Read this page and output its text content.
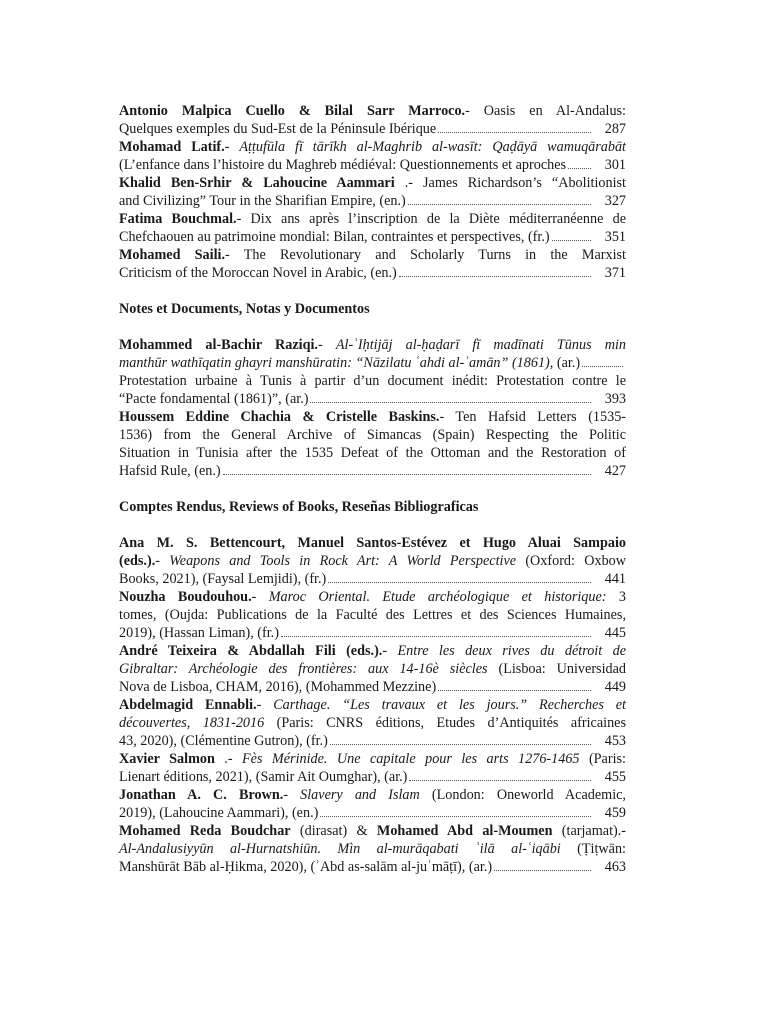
Antonio Malpica Cuello & Bilal Sarr Marroco.- Oasis en Al-Andalus:
Quelques exemples du Sud-Est de la Péninsule Ibérique	287
Mohamad Latif.- Aṭṭufūla fī tārīkh al-Maghrib al-wasīt: Qaḍāyā wamuqārabāt
(L’enfance dans l’histoire du Maghreb médiéval: Questionnements et aproches	301
Khalid Ben-Srhir & Lahoucine Aammari .- James Richardson’s “Abolitionist
and Civilizing” Tour in the Sharifian Empire, (en.)	327
Fatima Bouchmal.- Dix ans après l’inscription de la Diète méditerranéenne de
Chefchaouen au patrimoine mondial: Bilan, contraintes et perspectives, (fr.)	351
Mohamed Saili.- The Revolutionary and Scholarly Turns in the Marxist
Criticism of the Moroccan Novel in Arabic, (en.)	371
Notes et Documents, Notas y Documentos
Mohammed al-Bachir Raziqi.- Al-ʾIḥtijāj al-ḥaḍarī fī madīnati Tūnus min
manthūr wathīqatin ghayri manshūratin: “Nāzilatu ʿahdi al-ʾamān” (1861), (ar.)
Protestation urbaine à Tunis à partir d’un document inédit: Protestation contre le
“Pacte fondamental (1861)”, (ar.)	393
Houssem Eddine Chachia & Cristelle Baskins.- Ten Hafsid Letters (1535-
1536) from the General Archive of Simancas (Spain) Respecting the Politic
Situation in Tunisia after the 1535 Defeat of the Ottoman and the Restoration of
Hafsid Rule, (en.)	427
Comptes Rendus, Reviews of Books, Reseñas Bibliograficas
Ana M. S. Bettencourt, Manuel Santos-Estévez et Hugo Aluai Sampaio
(eds.).- Weapons and Tools in Rock Art: A World Perspective (Oxford: Oxbow
Books, 2021), (Faysal Lemjidi), (fr.)	441
Nouzha Boudouhou.- Maroc Oriental. Etude archéologique et historique: 3
tomes, (Oujda: Publications de la Faculté des Lettres et des Sciences Humaines,
2019), (Hassan Liman), (fr.)	445
André Teixeira & Abdallah Fili (eds.).- Entre les deux rives du détroit de
Gibraltar: Archéologie des frontières: aux 14-16è siècles (Lisboa: Universidad
Nova de Lisboa, CHAM, 2016), (Mohammed Mezzine)	449
Abdelmagid Ennabli.- Carthage. “Les travaux et les jours.” Recherches et
découvertes, 1831-2016 (Paris: CNRS éditions, Etudes d’Antiquités africaines
43, 2020), (Clémentine Gutron), (fr.)	453
Xavier Salmon .- Fès Mérinide. Une capitale pour les arts 1276-1465 (Paris:
Lienart éditions, 2021), (Samir Ait Oumghar), (ar.)	455
Jonathan A. C. Brown.- Slavery and Islam (London: Oneworld Academic,
2019), (Lahoucine Aammari), (en.)	459
Mohamed Reda Boudchar (dirasat) & Mohamed Abd al-Moumen (tarjamat).-
Al-Andalusiyyūn al-Hurnatshiūn. Mìn al-murāqabati ʾilā al-ʿiqābi (Ṭiṭwān:
Manshūrāt Bāb al-Ḥikma, 2020), (ʾAbd as-salām al-juʿmāṭī), (ar.)	463
